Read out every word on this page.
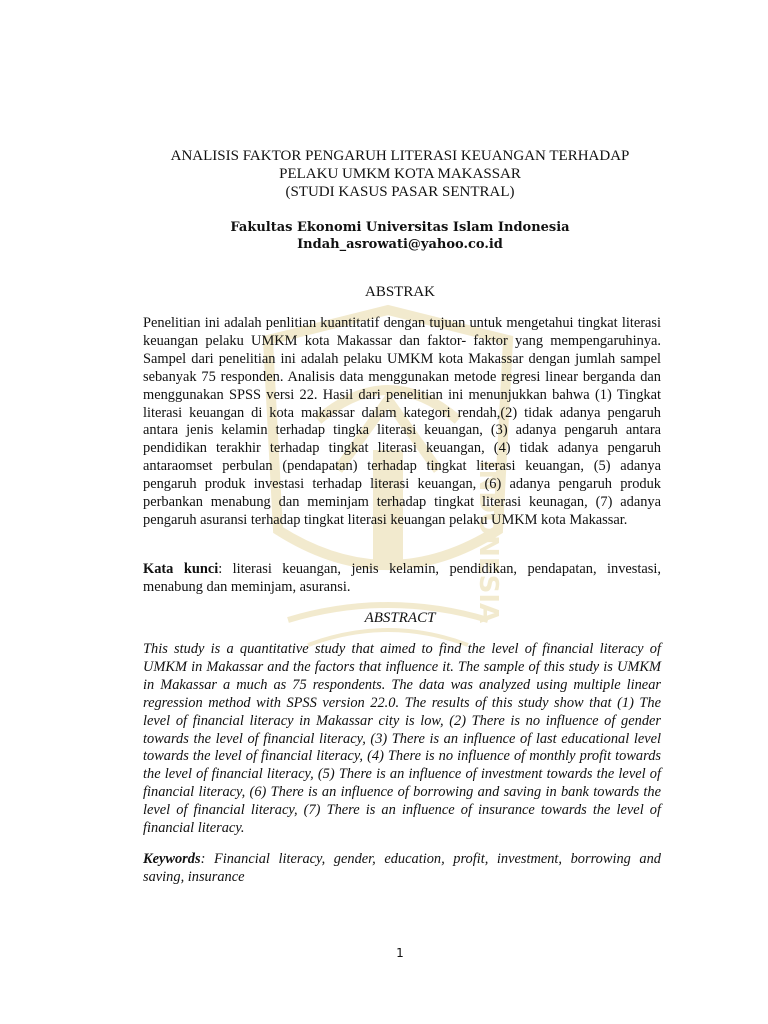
INDONESIA
ANALISIS FAKTOR PENGARUH LITERASI KEUANGAN TERHADAP
PELAKU UMKM KOTA MAKASSAR
(STUDI KASUS PASAR SENTRAL)
Fakultas Ekonomi Universitas Islam Indonesia
Indah_asrowati@yahoo.co.id
ABSTRAK

Penelitian ini adalah penlitian kuantitatif dengan tujuan untuk mengetahui tingkat literasi keuangan pelaku UMKM kota Makassar dan faktor- faktor yang mempengaruhinya. Sampel dari penelitian ini adalah pelaku UMKM kota Makassar dengan jumlah sampel sebanyak 75 responden. Analisis data menggunakan metode regresi linear berganda dan menggunakan SPSS versi 22. Hasil dari penelitian ini menunjukkan bahwa (1) Tingkat literasi keuangan di kota makassar dalam kategori rendah,(2) tidak adanya pengaruh antara jenis kelamin terhadap tingka literasi keuangan, (3) adanya pengaruh antara pendidikan terakhir terhadap tingkat literasi keuangan, (4) tidak adanya pengaruh antaraomset perbulan (pendapatan) terhadap tingkat literasi keuangan, (5) adanya pengaruh produk investasi terhadap literasi keuangan, (6) adanya pengaruh produk perbankan menabung dan meminjam terhadap tingkat literasi keunagan, (7) adanya pengaruh asuransi terhadap tingkat literasi keuangan pelaku UMKM kota Makassar.

Kata kunci: literasi keuangan, jenis kelamin, pendidikan, pendapatan, investasi, menabung dan meminjam, asuransi.

ABSTRACT

This study is a quantitative study that aimed to find the level of financial literacy of UMKM in Makassar and the factors that influence it. The sample of this study is UMKM in Makassar a much as 75 respondents. The data was analyzed using multiple linear regression method with SPSS version 22.0. The results of this study show that (1) The level of financial literacy in Makassar city is low, (2) There is no influence of gender towards the level of financial literacy, (3) There is an influence of last educational level towards the level of financial literacy, (4) There is no influence of monthly profit towards the level of financial literacy, (5) There is an influence of investment towards the level of financial literacy, (6) There is an influence of borrowing and saving in bank towards the level of financial literacy, (7) There is an influence of insurance towards the level of financial literacy.

Keywords: Financial literacy, gender, education, profit, investment, borrowing and saving, insurance

1
